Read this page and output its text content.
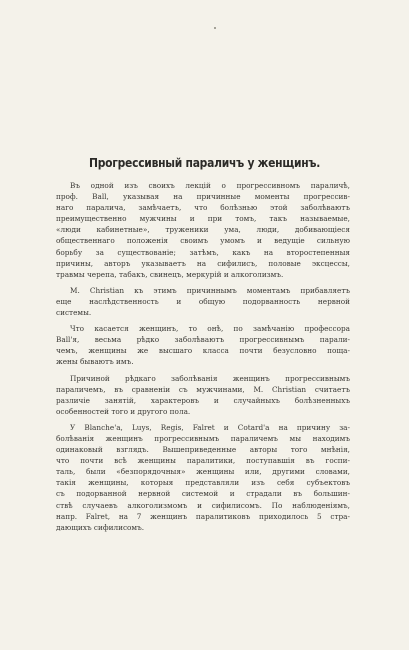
Прогрессивный параличъ у женщинъ.

Въ одной изъ своихъ лекцій о прогрессивномъ параличѣ,
проф. Ball, указывая на причинные моменты прогрессив-
наго паралича, замѣчаетъ, что болѣзнью этой заболѣваютъ
преимущественно мужчины и при томъ, такъ называемые,
«люди кабинетные», труженики ума, люди, добивающіеся
общественнаго положенія своимъ умомъ и ведущіе сильную
борьбу за существованіе; затѣмъ, какъ на второстепенныя
причины, авторъ указываетъ на сифилисъ, половые эксцессы,
травмы черепа, табакъ, свинецъ, меркурій и алкоголизмъ.

M. Christian къ этимъ причиннымъ моментамъ прибавляетъ
еще наслѣдственность и общую подорванность нервной
системы.

Что касается женщинъ, то онѣ, по замѣчанію профессора
Ball'я, весьма рѣдко заболѣваютъ прогрессивнымъ парали-
чемъ, женщины же высшаго класса почти безусловно поща-
жены бываютъ имъ.

Причиной рѣдкаго заболѣванія женщинъ прогрессивнымъ
параличемъ, въ сравненіи съ мужчинами, M. Christian считаетъ
различіе занятій, характеровъ и случайныхъ болѣзненныхъ
особенностей того и другого пола.

У Blanche'а, Luys, Regis, Falret и Cotard'а на причину за-
болѣванія женщинъ прогрессивнымъ параличемъ мы находимъ
одинаковый взглядъ. Вышеприведенные авторы того мнѣнія,
что почти всѣ женщины паралитики, поступавшія въ госпи-
таль, были «безпорядочныя» женщины или, другими словами,
такія женщины, которыя представляли изъ себя субъектовъ
съ подорванной нервной системой и страдали въ большин-
ствѣ случаевъ алкоголизмомъ и сифилисомъ. По наблюденіямъ,
напр. Falret, на 7 женщинъ паралитиковъ приходилось 5 стра-
дающихъ сифилисомъ.
